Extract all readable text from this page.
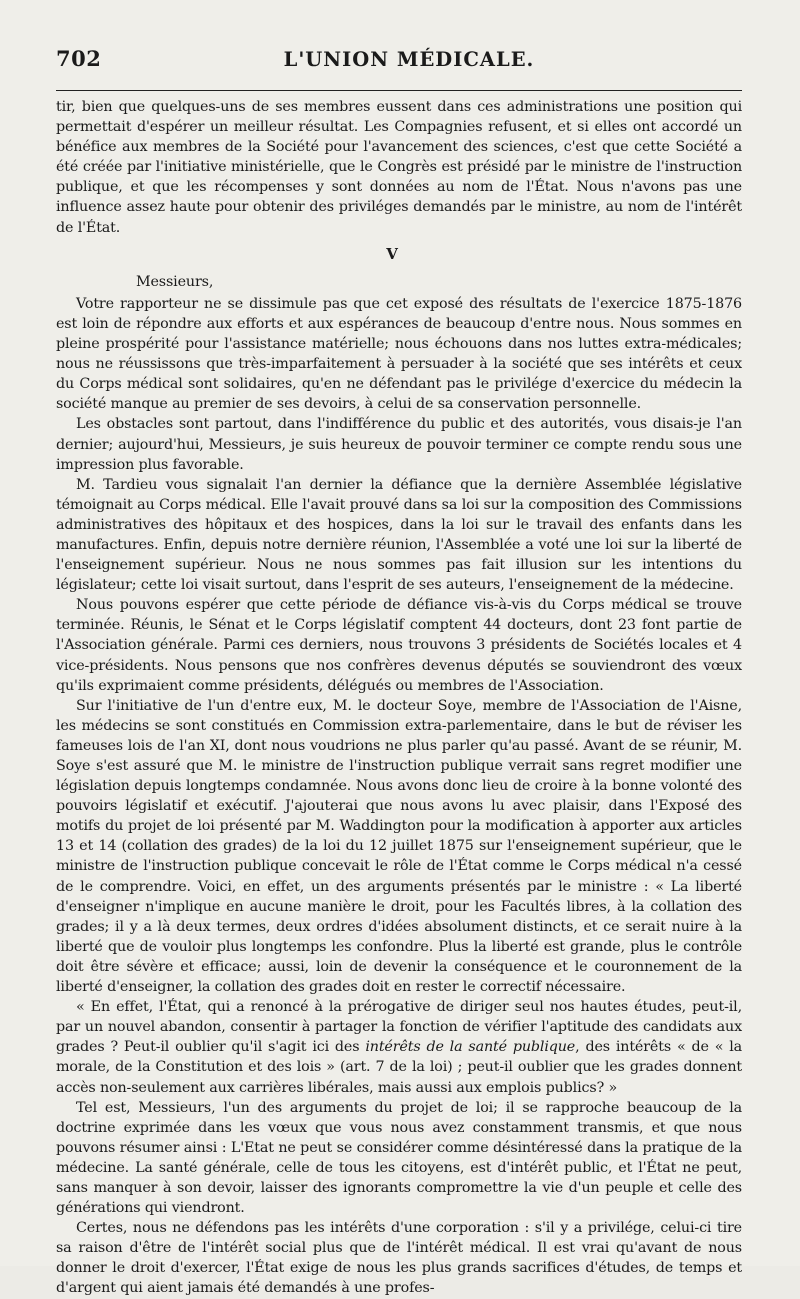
702	L'UNION MÉDICALE.

tir, bien que quelques-uns de ses membres eussent dans ces administrations une position qui permettait d'espérer un meilleur résultat. Les Compagnies refusent, et si elles ont accordé un bénéfice aux membres de la Société pour l'avancement des sciences, c'est que cette Société a été créée par l'initiative ministérielle, que le Congrès est présidé par le ministre de l'instruction publique, et que les récompenses y sont données au nom de l'État. Nous n'avons pas une influence assez haute pour obtenir des priviléges demandés par le ministre, au nom de l'intérêt de l'État.

V

Messieurs,

Votre rapporteur ne se dissimule pas que cet exposé des résultats de l'exercice 1875-1876 est loin de répondre aux efforts et aux espérances de beaucoup d'entre nous. Nous sommes en pleine prospérité pour l'assistance matérielle; nous échouons dans nos luttes extra-médicales; nous ne réussissons que très-imparfaitement à persuader à la société que ses intérêts et ceux du Corps médical sont solidaires, qu'en ne défendant pas le privilége d'exercice du médecin la société manque au premier de ses devoirs, à celui de sa conservation personnelle.

Les obstacles sont partout, dans l'indifférence du public et des autorités, vous disais-je l'an dernier; aujourd'hui, Messieurs, je suis heureux de pouvoir terminer ce compte rendu sous une impression plus favorable.

M. Tardieu vous signalait l'an dernier la défiance que la dernière Assemblée législative témoignait au Corps médical. Elle l'avait prouvé dans sa loi sur la composition des Commissions administratives des hôpitaux et des hospices, dans la loi sur le travail des enfants dans les manufactures. Enfin, depuis notre dernière réunion, l'Assemblée a voté une loi sur la liberté de l'enseignement supérieur. Nous ne nous sommes pas fait illusion sur les intentions du législateur; cette loi visait surtout, dans l'esprit de ses auteurs, l'enseignement de la médecine.

Nous pouvons espérer que cette période de défiance vis-à-vis du Corps médical se trouve terminée. Réunis, le Sénat et le Corps législatif comptent 44 docteurs, dont 23 font partie de l'Association générale. Parmi ces derniers, nous trouvons 3 présidents de Sociétés locales et 4 vice-présidents. Nous pensons que nos confrères devenus députés se souviendront des vœux qu'ils exprimaient comme présidents, délégués ou membres de l'Association.

Sur l'initiative de l'un d'entre eux, M. le docteur Soye, membre de l'Association de l'Aisne, les médecins se sont constitués en Commission extra-parlementaire, dans le but de réviser les fameuses lois de l'an XI, dont nous voudrions ne plus parler qu'au passé. Avant de se réunir, M. Soye s'est assuré que M. le ministre de l'instruction publique verrait sans regret modifier une législation depuis longtemps condamnée. Nous avons donc lieu de croire à la bonne volonté des pouvoirs législatif et exécutif. J'ajouterai que nous avons lu avec plaisir, dans l'Exposé des motifs du projet de loi présenté par M. Waddington pour la modification à apporter aux articles 13 et 14 (collation des grades) de la loi du 12 juillet 1875 sur l'enseignement supérieur, que le ministre de l'instruction publique concevait le rôle de l'État comme le Corps médical n'a cessé de le comprendre. Voici, en effet, un des arguments présentés par le ministre : « La liberté d'enseigner n'implique en aucune manière le droit, pour les Facultés libres, à la collation des grades; il y a là deux termes, deux ordres d'idées absolument distincts, et ce serait nuire à la liberté que de vouloir plus longtemps les confondre. Plus la liberté est grande, plus le contrôle doit être sévère et efficace; aussi, loin de devenir la conséquence et le couronnement de la liberté d'enseigner, la collation des grades doit en rester le correctif nécessaire.

« En effet, l'État, qui a renoncé à la prérogative de diriger seul nos hautes études, peut-il, par un nouvel abandon, consentir à partager la fonction de vérifier l'aptitude des candidats aux grades ? Peut-il oublier qu'il s'agit ici des intérêts de la santé publique, des intérêts « de « la morale, de la Constitution et des lois » (art. 7 de la loi) ; peut-il oublier que les grades donnent accès non-seulement aux carrières libérales, mais aussi aux emplois publics? »

Tel est, Messieurs, l'un des arguments du projet de loi; il se rapproche beaucoup de la doctrine exprimée dans les vœux que vous nous avez constamment transmis, et que nous pouvons résumer ainsi : L'Etat ne peut se considérer comme désintéressé dans la pratique de la médecine. La santé générale, celle de tous les citoyens, est d'intérêt public, et l'État ne peut, sans manquer à son devoir, laisser des ignorants compromettre la vie d'un peuple et celle des générations qui viendront.

Certes, nous ne défendons pas les intérêts d'une corporation : s'il y a privilége, celui-ci tire sa raison d'être de l'intérêt social plus que de l'intérêt médical. Il est vrai qu'avant de nous donner le droit d'exercer, l'État exige de nous les plus grands sacrifices d'études, de temps et d'argent qui aient jamais été demandés à une profes-
